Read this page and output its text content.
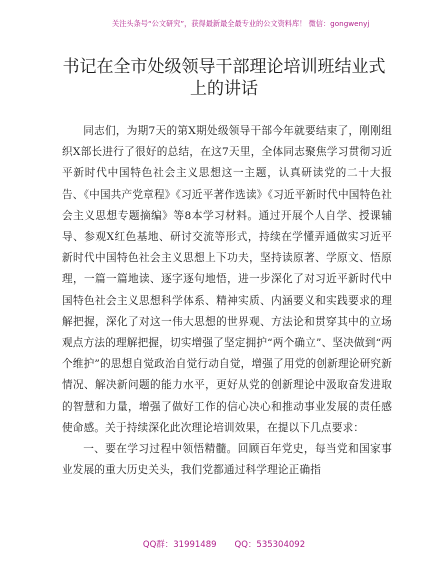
关注头条号“公文研究”，获得最新最全最专业的公文资料库！ 微信：gongwenyj
书记在全市处级领导干部理论培训班结业式上的讲话

同志们，为期7天的第X期处级领导干部今年就要结束了，刚刚组织X部长进行了很好的总结，在这7天里，全体同志聚焦学习贯彻习近平新时代中国特色社会主义思想这一主题，认真研读党的二十大报告、《中国共产党章程》《习近平著作选读》《习近平新时代中国特色社会主义思想专题摘编》等8本学习材料。通过开展个人自学、授课辅导、参观X红色基地、研讨交流等形式，持续在学懂弄通做实习近平新时代中国特色社会主义思想上下功夫，坚持读原著、学原文、悟原理，一篇一篇地读、逐字逐句地悟，进一步深化了对习近平新时代中国特色社会主义思想科学体系、精神实质、内涵要义和实践要求的理解把握，深化了对这一伟大思想的世界观、方法论和贯穿其中的立场观点方法的理解把握，切实增强了坚定拥护“两个确立”、坚决做到“两个维护”的思想自觉政治自觉行动自觉，增强了用党的创新理论研究新情况、解决新问题的能力水平，更好从党的创新理论中汲取奋发进取的智慧和力量，增强了做好工作的信心决心和推动事业发展的责任感使命感。关于持续深化此次理论培训效果，在提以下几点要求：

一、要在学习过程中领悟精髓。回顾百年党史，每当党和国家事业发展的重大历史关头，我们党都通过科学理论正确指

QQ群：31991489 QQ：535304092
